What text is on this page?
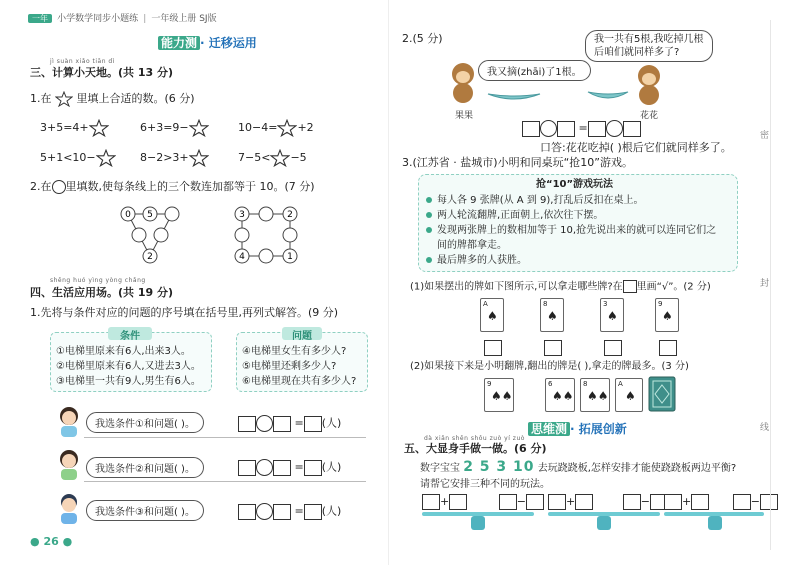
一年 小学数学同步小题练 | 一年级上册 SJ版
能力测 · 迁移运用
jì suàn xiǎo tiān dì
三、计算小天地。(共 13 分)
1.在 里填上合适的数。(6 分)
3+5=4+	6+3=9−	10−4= +2
5+1<10−	8−2>3+	7−5< −5
2.在 里填数,使每条线上的三个数连加都等于 10。(7 分)
0 5
2
3	2
4	1
shēng huó yìng yòng chǎng
四、生活应用场。(共 19 分)
1.先将与条件对应的问题的序号填在括号里,再列式解答。(9 分)
条件
①电梯里原来有6人,出来3人。
②电梯里原来有6人,又进去3人。
③电梯里一共有9人,男生有6人。
问题
④电梯里女生有多少人?
⑤电梯里还剩多少人?
⑥电梯里现在共有多少人?
我选条件①和问题( )。	= (人)
我选条件②和问题( )。	= (人)
我选条件③和问题( )。	= (人)
● 26 ●
2.(5 分)
我又摘(zhāi)了1根。
我一共有5根,我吃掉几根
后咱们就同样多了?
果果	花花
=
口答:花花吃掉( )根后它们就同样多了。
3.(江苏省 · 盐城市)小明和同桌玩“抢10”游戏。
抢“10”游戏玩法
每人各 9 张牌(从 A 到 9),打乱后反扣在桌上。
两人轮流翻牌,正面朝上,依次往下摆。
发现两张牌上的数相加等于 10,抢先说出来的就可以连同它们之
间的牌都拿走。
最后牌多的人获胜。
(1)如果摆出的牌如下图所示,可以拿走哪些牌?在 里画“√”。(2 分)
A
♠
8
♠
3
♠
9
♠
(2)如果接下来是小明翻牌,翻出的牌是( ),拿走的牌最多。(3 分)
9
♠♠
6
♠♠
8
♠♠
A
♠
思维测 · 拓展创新
dà xiǎn shēn shǒu zuò yí zuò
五、大显身手做一做。(6 分)
数字宝宝 2 5 3 10 去玩跷跷板,怎样安排才能使跷跷板两边平衡?
请帮它安排三种不同的玩法。
+	−	+	−	+	−
密
封
线
